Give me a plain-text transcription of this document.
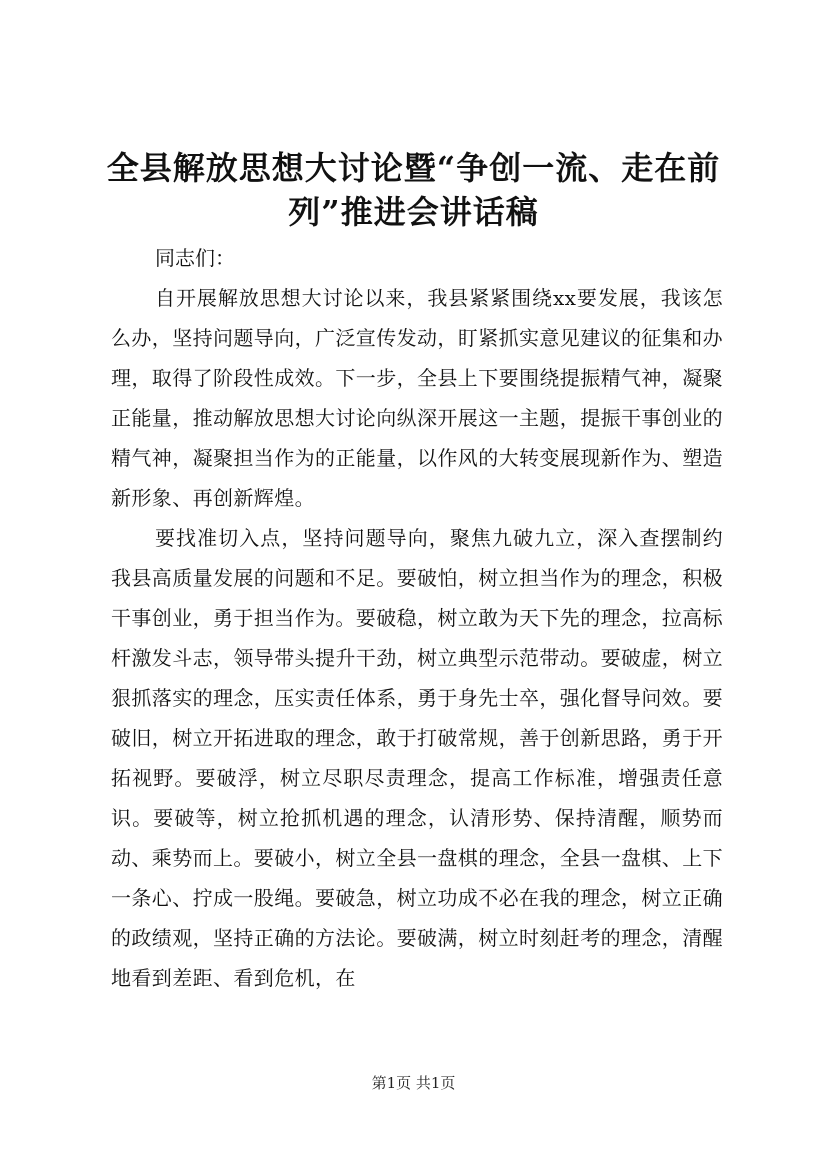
全县解放思想大讨论暨“争创一流、走在前列”推进会讲话稿

同志们：

自开展解放思想大讨论以来，我县紧紧围绕xx要发展，我该怎么办，坚持问题导向，广泛宣传发动，盯紧抓实意见建议的征集和办理，取得了阶段性成效。下一步，全县上下要围绕提振精气神，凝聚正能量，推动解放思想大讨论向纵深开展这一主题，提振干事创业的精气神，凝聚担当作为的正能量，以作风的大转变展现新作为、塑造新形象、再创新辉煌。

要找准切入点，坚持问题导向，聚焦九破九立，深入查摆制约我县高质量发展的问题和不足。要破怕，树立担当作为的理念，积极干事创业，勇于担当作为。要破稳，树立敢为天下先的理念，拉高标杆激发斗志，领导带头提升干劲，树立典型示范带动。要破虚，树立狠抓落实的理念，压实责任体系，勇于身先士卒，强化督导问效。要破旧，树立开拓进取的理念，敢于打破常规，善于创新思路，勇于开拓视野。要破浮，树立尽职尽责理念，提高工作标准，增强责任意识。要破等，树立抢抓机遇的理念，认清形势、保持清醒，顺势而动、乘势而上。要破小，树立全县一盘棋的理念，全县一盘棋、上下一条心、拧成一股绳。要破急，树立功成不必在我的理念，树立正确的政绩观，坚持正确的方法论。要破满，树立时刻赶考的理念，清醒地看到差距、看到危机，在

第1页 共1页
